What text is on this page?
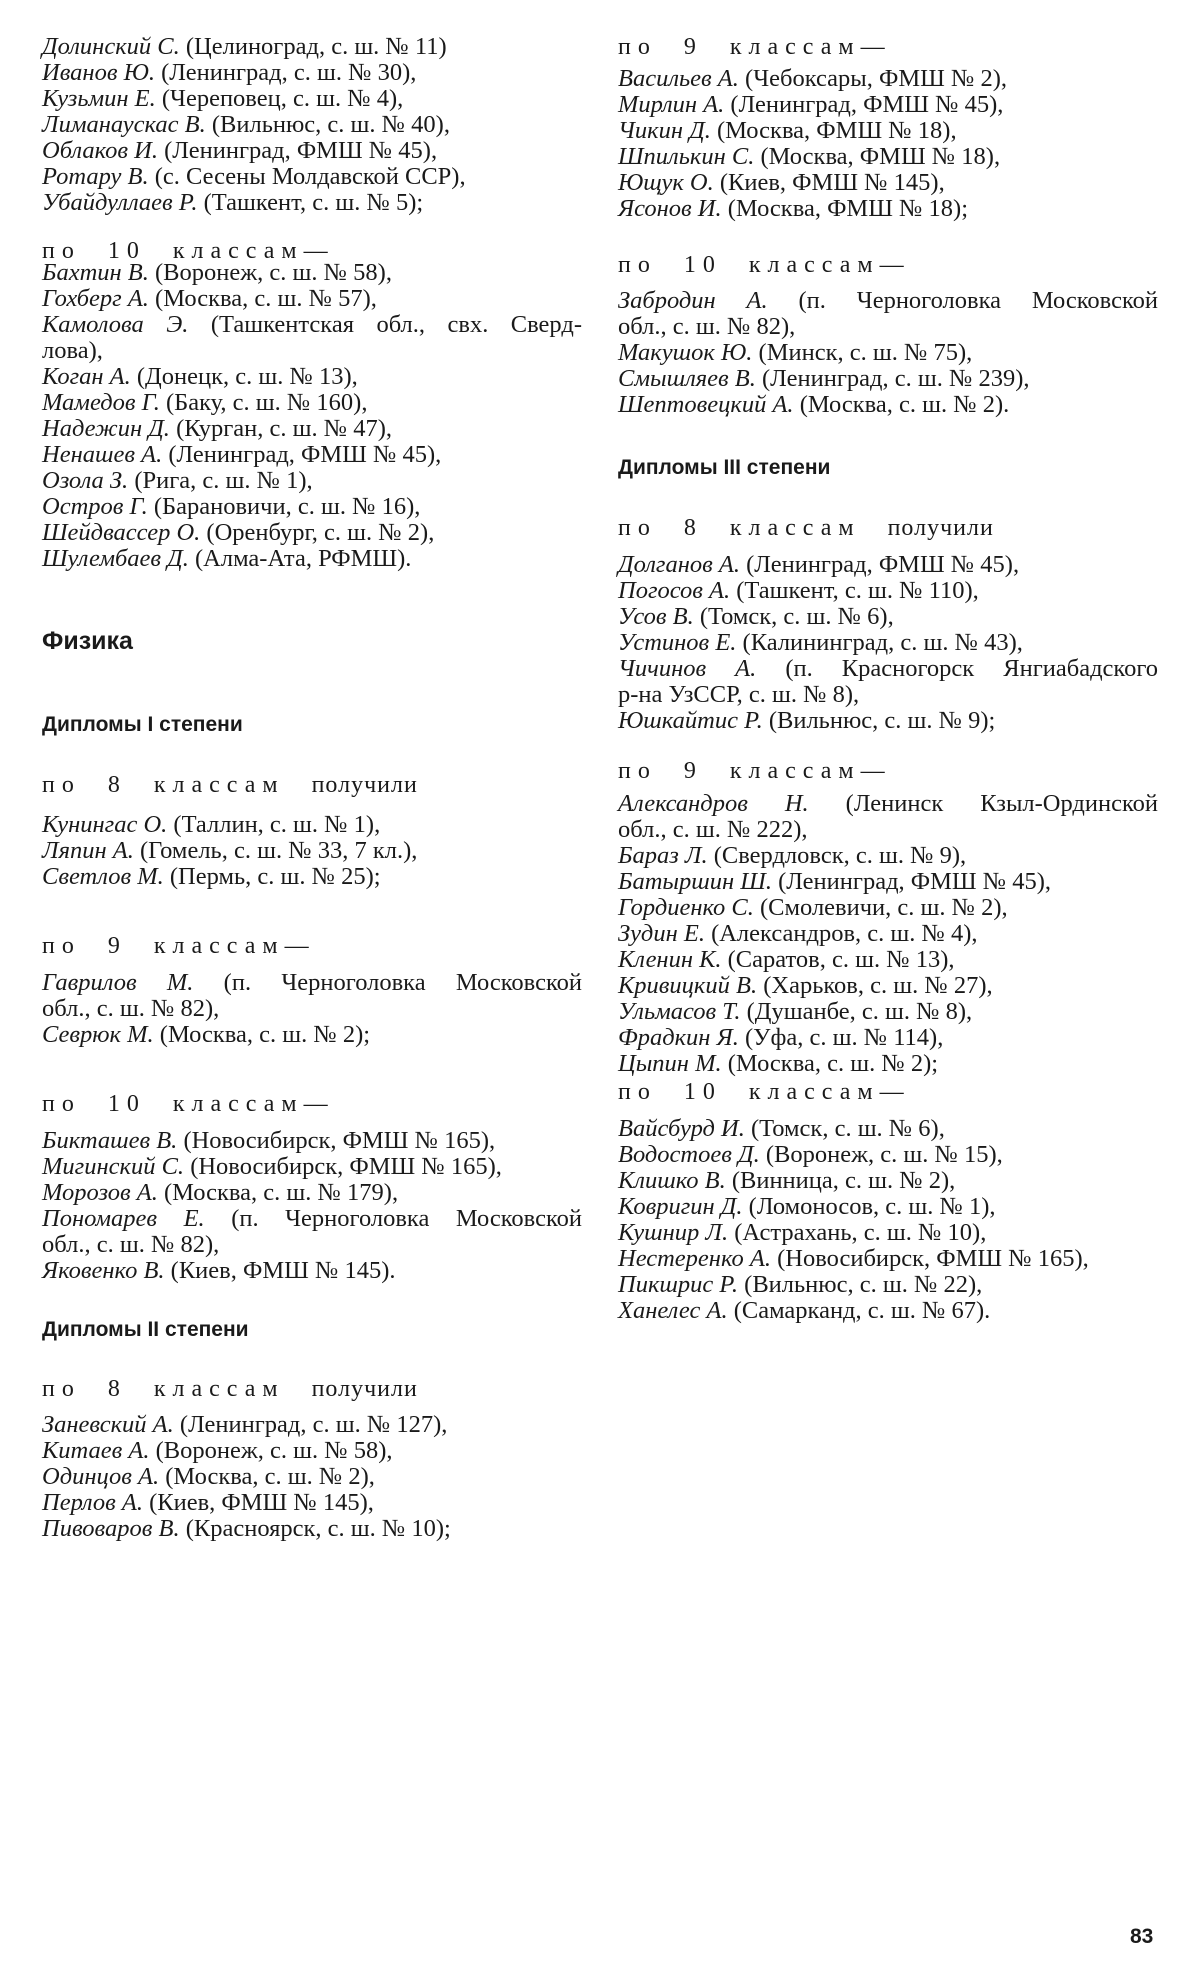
Долинский С. (Целиноград, с. ш. № 11)
Иванов Ю. (Ленинград, с. ш. № 30),
Кузьмин Е. (Череповец, с. ш. № 4),
Лиманаускас В. (Вильнюс, с. ш. № 40),
Облаков И. (Ленинград, ФМШ № 45),
Ротару В. (с. Сесены Молдавской ССР),
Убайдуллаев Р. (Ташкент, с. ш. № 5);
по 10 классам—
Бахтин В. (Воронеж, с. ш. № 58),
Гохберг А. (Москва, с. ш. № 57),
Камолова Э. (Ташкентская обл., свх. Сверд-
лова),
Коган А. (Донецк, с. ш. № 13),
Мамедов Г. (Баку, с. ш. № 160),
Надежин Д. (Курган, с. ш. № 47),
Ненашев А. (Ленинград, ФМШ № 45),
Озола З. (Рига, с. ш. № 1),
Остров Г. (Барановичи, с. ш. № 16),
Шейдвассер О. (Оренбург, с. ш. № 2),
Шулембаев Д. (Алма-Ата, РФМШ).
Физика
Дипломы I степени
по 8 классам получили
Кунингас О. (Таллин, с. ш. № 1),
Ляпин А. (Гомель, с. ш. № 33, 7 кл.),
Светлов М. (Пермь, с. ш. № 25);
по 9 классам—
Гаврилов М. (п. Черноголовка Московской
обл., с. ш. № 82),
Севрюк М. (Москва, с. ш. № 2);
по 10 классам—
Бикташев В. (Новосибирск, ФМШ № 165),
Мигинский С. (Новосибирск, ФМШ № 165),
Морозов А. (Москва, с. ш. № 179),
Пономарев Е. (п. Черноголовка Московской
обл., с. ш. № 82),
Яковенко В. (Киев, ФМШ № 145).
Дипломы II степени
по 8 классам получили
Заневский А. (Ленинград, с. ш. № 127),
Китаев А. (Воронеж, с. ш. № 58),
Одинцов А. (Москва, с. ш. № 2),
Перлов А. (Киев, ФМШ № 145),
Пивоваров В. (Красноярск, с. ш. № 10);
по 9 классам—
Васильев А. (Чебоксары, ФМШ № 2),
Мирлин А. (Ленинград, ФМШ № 45),
Чикин Д. (Москва, ФМШ № 18),
Шпилькин С. (Москва, ФМШ № 18),
Ющук О. (Киев, ФМШ № 145),
Ясонов И. (Москва, ФМШ № 18);
по 10 классам—
Забродин А. (п. Черноголовка Московской
обл., с. ш. № 82),
Макушок Ю. (Минск, с. ш. № 75),
Смышляев В. (Ленинград, с. ш. № 239),
Шептовецкий А. (Москва, с. ш. № 2).
Дипломы III степени
по 8 классам получили
Долганов А. (Ленинград, ФМШ № 45),
Погосов А. (Ташкент, с. ш. № 110),
Усов В. (Томск, с. ш. № 6),
Устинов Е. (Калининград, с. ш. № 43),
Чичинов А. (п. Красногорск Янгиабадского
р-на УзССР, с. ш. № 8),
Юшкайтис Р. (Вильнюс, с. ш. № 9);
по 9 классам—
Александров Н. (Ленинск Кзыл-Ординской
обл., с. ш. № 222),
Бараз Л. (Свердловск, с. ш. № 9),
Батыршин Ш. (Ленинград, ФМШ № 45),
Гордиенко С. (Смолевичи, с. ш. № 2),
Зудин Е. (Александров, с. ш. № 4),
Кленин К. (Саратов, с. ш. № 13),
Кривицкий В. (Харьков, с. ш. № 27),
Ульмасов Т. (Душанбе, с. ш. № 8),
Фрадкин Я. (Уфа, с. ш. № 114),
Цыпин М. (Москва, с. ш. № 2);
по 10 классам—
Вайсбурд И. (Томск, с. ш. № 6),
Водостоев Д. (Воронеж, с. ш. № 15),
Клишко В. (Винница, с. ш. № 2),
Ковригин Д. (Ломоносов, с. ш. № 1),
Кушнир Л. (Астрахань, с. ш. № 10),
Нестеренко А. (Новосибирск, ФМШ № 165),
Пикшрис Р. (Вильнюс, с. ш. № 22),
Ханелес А. (Самарканд, с. ш. № 67).
83
